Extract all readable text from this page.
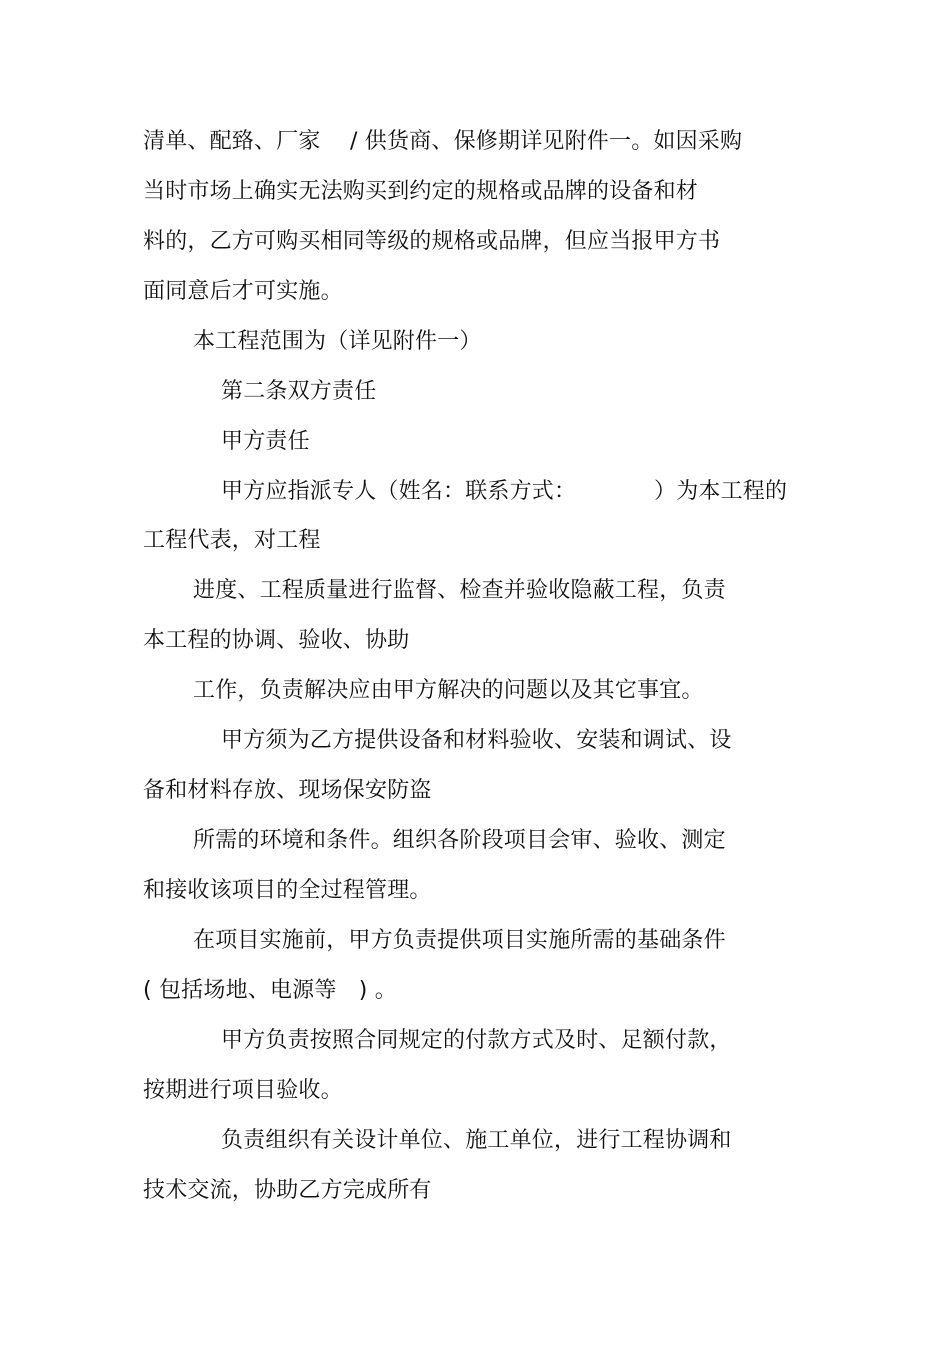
清单、配臵、厂家　 / 供货商、保修期详见附件一。如因采购
当时市场上确实无法购买到约定的规格或品牌的设备和材
料的，乙方可购买相同等级的规格或品牌，但应当报甲方书
面同意后才可实施。
本工程范围为（详见附件一）
第二条双方责任
甲方责任
甲方应指派专人（姓名：联系方式：　　　　）为本工程的
工程代表，对工程
进度、工程质量进行监督、检查并验收隐蔽工程，负责
本工程的协调、验收、协助
工作，负责解决应由甲方解决的问题以及其它事宜。
甲方须为乙方提供设备和材料验收、安装和调试、设
备和材料存放、现场保安防盗
所需的环境和条件。组织各阶段项目会审、验收、测定
和接收该项目的全过程管理。
在项目实施前，甲方负责提供项目实施所需的基础条件
( 包括场地、电源等　) 。
甲方负责按照合同规定的付款方式及时、足额付款，
按期进行项目验收。
负责组织有关设计单位、施工单位，进行工程协调和
技术交流，协助乙方完成所有
